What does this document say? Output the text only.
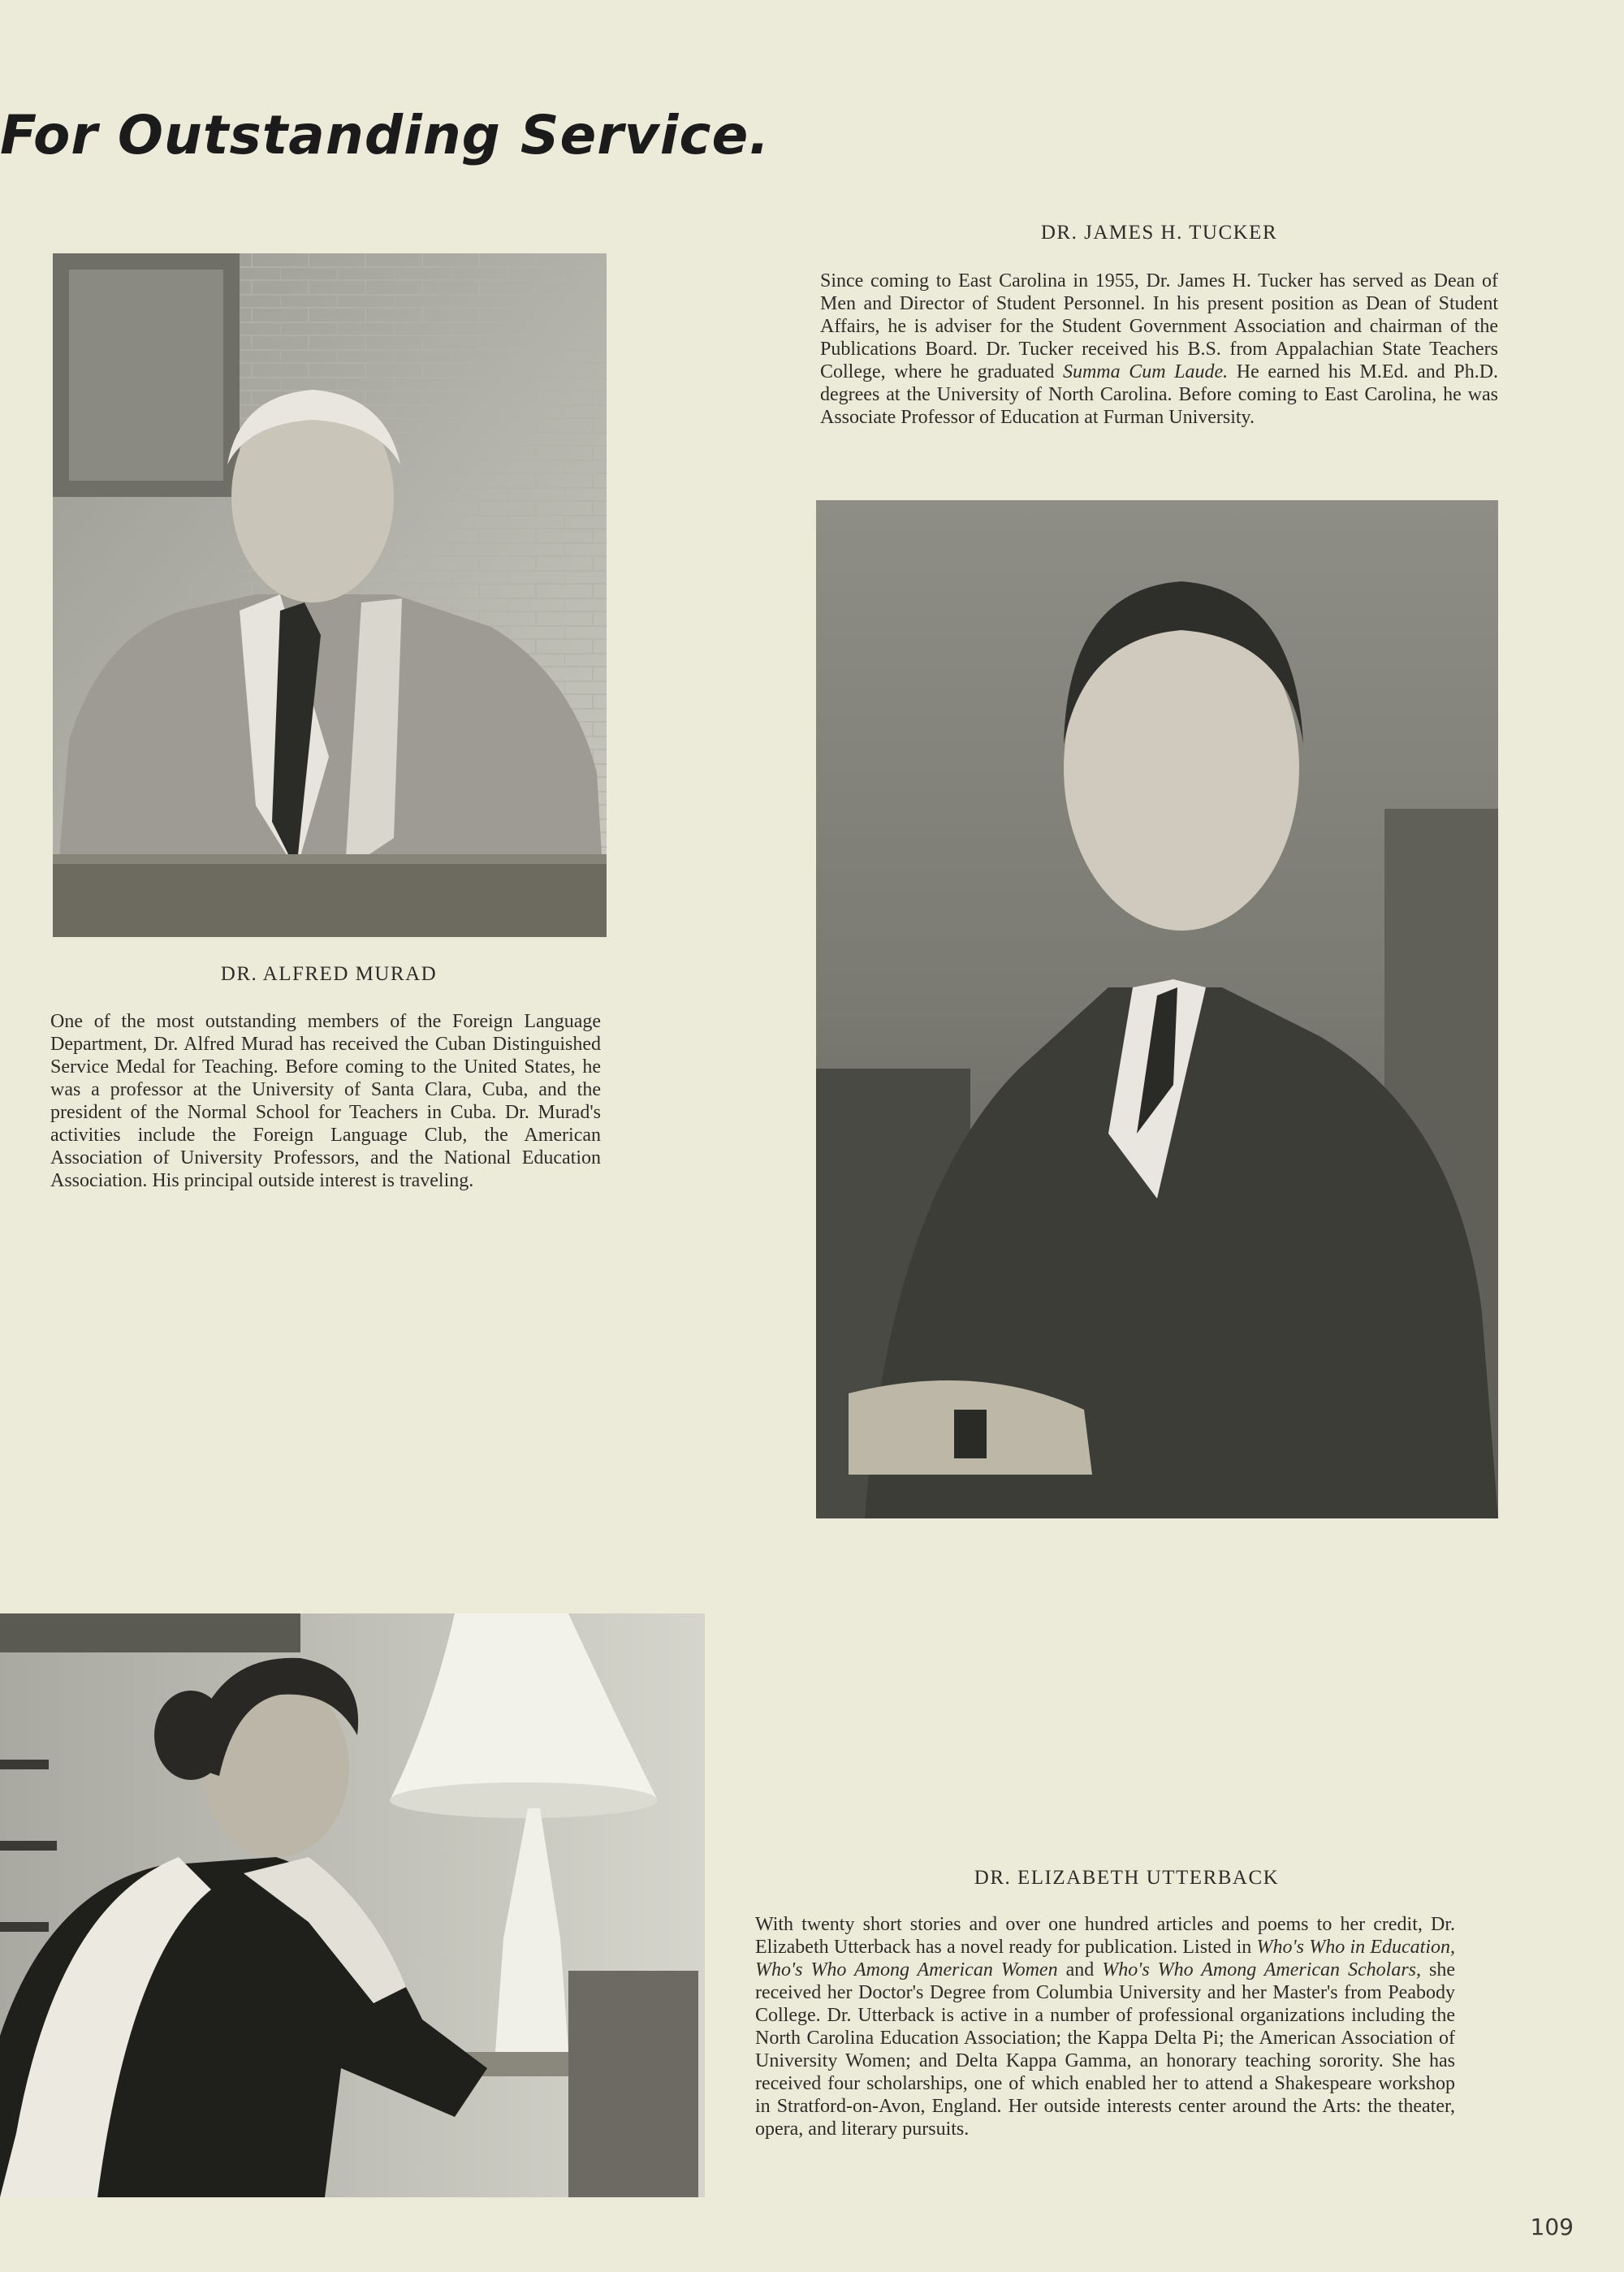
For Outstanding Service.
DR. JAMES H. TUCKER

Since coming to East Carolina in 1955, Dr. James H. Tucker has served as Dean of Men and Director of Student Personnel. In his present position as Dean of Student Affairs, he is adviser for the Student Government Association and chairman of the Publications Board. Dr. Tucker received his B.S. from Appalachian State Teachers College, where he graduated Summa Cum Laude. He earned his M.Ed. and Ph.D. degrees at the University of North Carolina. Before coming to East Carolina, he was Associate Professor of Education at Furman University.

DR. ALFRED MURAD

One of the most outstanding members of the Foreign Language Department, Dr. Alfred Murad has received the Cuban Distinguished Service Medal for Teaching. Before coming to the United States, he was a professor at the University of Santa Clara, Cuba, and the president of the Normal School for Teachers in Cuba. Dr. Murad's activities include the Foreign Language Club, the American Association of University Professors, and the National Education Association. His principal outside interest is traveling.

DR. ELIZABETH UTTERBACK

With twenty short stories and over one hundred articles and poems to her credit, Dr. Elizabeth Utterback has a novel ready for publication. Listed in Who's Who in Education, Who's Who Among American Women and Who's Who Among American Scholars, she received her Doctor's Degree from Columbia University and her Master's from Peabody College. Dr. Utterback is active in a number of professional organizations including the North Carolina Education Association; the Kappa Delta Pi; the American Association of University Women; and Delta Kappa Gamma, an honorary teaching sorority. She has received four scholarships, one of which enabled her to attend a Shakespeare workshop in Stratford-on-Avon, England. Her outside interests center around the Arts: the theater, opera, and literary pursuits.

109
